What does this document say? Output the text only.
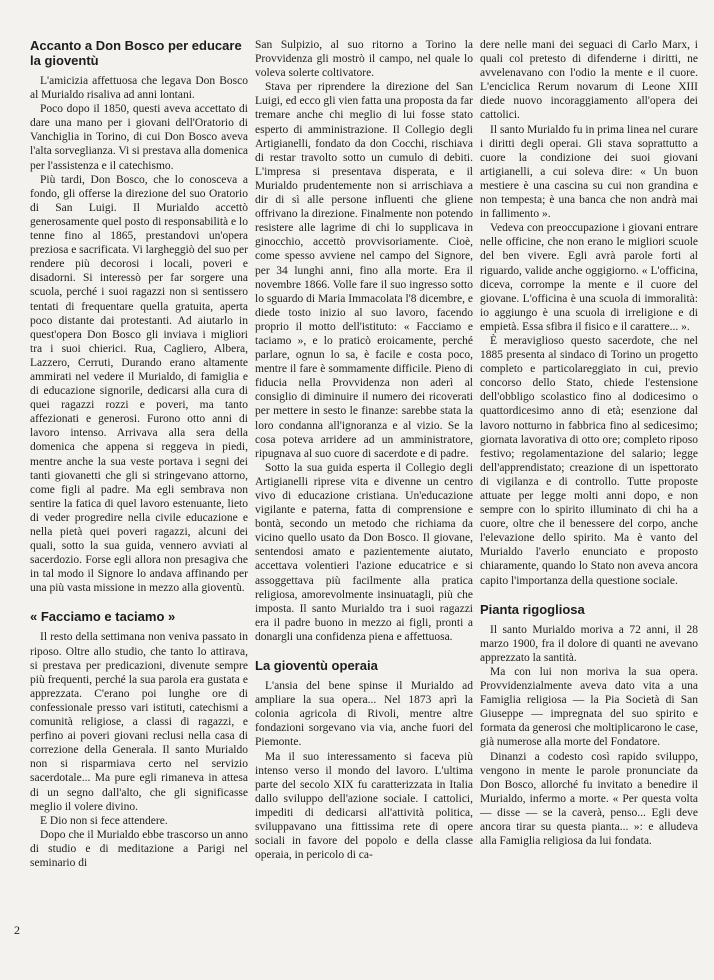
Accanto a Don Bosco per educare la gioventù

L'amicizia affettuosa che legava Don Bosco al Murialdo risaliva ad anni lontani.

Poco dopo il 1850, questi aveva accettato di dare una mano per i giovani dell'Oratorio di Vanchiglia in Torino, di cui Don Bosco aveva l'alta sorveglianza. Vi si prestava alla domenica per l'assistenza e il catechismo.

Più tardi, Don Bosco, che lo conosceva a fondo, gli offerse la direzione del suo Oratorio di San Luigi. Il Murialdo accettò generosamente quel posto di responsabilità e lo tenne fino al 1865, prestandovi un'opera preziosa e sacrificata. Vi largheggiò del suo per rendere più decorosi i locali, poveri e disadorni. Si interessò per far sorgere una scuola, perché i suoi ragazzi non si sentissero tentati di frequentare quella gratuita, aperta poco distante dai protestanti. Ad aiutarlo in quest'opera Don Bosco gli inviava i migliori tra i suoi chierici. Rua, Cagliero, Albera, Lazzero, Cerruti, Durando erano altamente ammirati nel vedere il Murialdo, di famiglia e di educazione signorile, dedicarsi alla cura di quei ragazzi rozzi e poveri, ma tanto affezionati e generosi. Furono otto anni di lavoro intenso. Arrivava alla sera della domenica che appena si reggeva in piedi, mentre anche la sua veste portava i segni dei tanti giovanetti che gli si stringevano attorno, come figli al padre. Ma egli sembrava non sentire la fatica di quel lavoro estenuante, lieto di veder progredire nella civile educazione e nella pietà quei poveri ragazzi, alcuni dei quali, sotto la sua guida, vennero avviati al sacerdozio. Forse egli allora non presagiva che in tal modo il Signore lo andava affinando per una più vasta missione in mezzo alla gioventù.

« Facciamo e taciamo »

Il resto della settimana non veniva passato in riposo. Oltre allo studio, che tanto lo attirava, si prestava per predicazioni, divenute sempre più frequenti, perché la sua parola era gustata e apprezzata. C'erano poi lunghe ore di confessionale presso vari istituti, catechismi a comunità religiose, a classi di ragazzi, e perfino ai poveri giovani reclusi nella casa di correzione della Generala. Il santo Murialdo non si risparmiava certo nel servizio sacerdotale... Ma pure egli rimaneva in attesa di un segno dall'alto, che gli significasse meglio il volere divino.

E Dio non si fece attendere.

Dopo che il Murialdo ebbe trascorso un anno di studio e di meditazione a Parigi nel seminario di

San Sulpizio, al suo ritorno a Torino la Provvidenza gli mostrò il campo, nel quale lo voleva solerte coltivatore.

Stava per riprendere la direzione del San Luigi, ed ecco gli vien fatta una proposta da far tremare anche chi meglio di lui fosse stato esperto di amministrazione. Il Collegio degli Artigianelli, fondato da don Cocchi, rischiava di restar travolto sotto un cumulo di debiti. L'impresa si presentava disperata, e il Murialdo prudentemente non si arrischiava a dir di sì alle persone influenti che gliene offrivano la direzione. Finalmente non potendo resistere alle lagrime di chi lo supplicava in ginocchio, accettò provvisoriamente. Cioè, come spesso avviene nel campo del Signore, per 34 lunghi anni, fino alla morte. Era il novembre 1866. Volle fare il suo ingresso sotto lo sguardo di Maria Immacolata l'8 dicembre, e diede tosto inizio al suo lavoro, facendo proprio il motto dell'istituto: « Facciamo e taciamo », e lo praticò eroicamente, perché parlare, ognun lo sa, è facile e costa poco, mentre il fare è sommamente difficile. Pieno di fiducia nella Provvidenza non aderì al consiglio di diminuire il numero dei ricoverati per mettere in sesto le finanze: sarebbe stata la loro condanna all'ignoranza e al vizio. Se la cosa poteva arridere ad un amministratore, ripugnava al suo cuore di sacerdote e di padre.

Sotto la sua guida esperta il Collegio degli Artigianelli riprese vita e divenne un centro vivo di educazione cristiana. Un'educazione vigilante e paterna, fatta di comprensione e bontà, secondo un metodo che richiama da vicino quello usato da Don Bosco. Il giovane, sentendosi amato e pazientemente aiutato, accettava volentieri l'azione educatrice e si assoggettava più facilmente alla pratica religiosa, amorevolmente insinuatagli, più che imposta. Il santo Murialdo tra i suoi ragazzi era il padre buono in mezzo ai figli, pronti a donargli una confidenza piena e affettuosa.

La gioventù operaia

L'ansia del bene spinse il Murialdo ad ampliare la sua opera... Nel 1873 aprì la colonia agricola di Rivoli, mentre altre fondazioni sorgevano via via, anche fuori del Piemonte.

Ma il suo interessamento si faceva più intenso verso il mondo del lavoro. L'ultima parte del secolo XIX fu caratterizzata in Italia dallo sviluppo dell'azione sociale. I cattolici, impediti di dedicarsi all'attività politica, sviluppavano una fittissima rete di opere sociali in favore del popolo e della classe operaia, in pericolo di ca-

dere nelle mani dei seguaci di Carlo Marx, i quali col pretesto di difenderne i diritti, ne avvelenavano con l'odio la mente e il cuore. L'enciclica Rerum novarum di Leone XIII diede nuovo incoraggiamento all'opera dei cattolici.

Il santo Murialdo fu in prima linea nel curare i diritti degli operai. Gli stava soprattutto a cuore la condizione dei suoi giovani artigianelli, a cui soleva dire: « Un buon mestiere è una cascina su cui non grandina e non tempesta; è una banca che non andrà mai in fallimento ».

Vedeva con preoccupazione i giovani entrare nelle officine, che non erano le migliori scuole del ben vivere. Egli avrà parole forti al riguardo, valide anche oggigiorno. « L'officina, diceva, corrompe la mente e il cuore del giovane. L'officina è una scuola di immoralità: io aggiungo è una scuola di irreligione e di empietà. Essa sfibra il fisico e il carattere... ».

È meraviglioso questo sacerdote, che nel 1885 presenta al sindaco di Torino un progetto completo e particolareggiato in cui, previo concorso dello Stato, chiede l'estensione dell'obbligo scolastico fino al dodicesimo o quattordicesimo anno di età; esenzione dal lavoro notturno in fabbrica fino al sedicesimo; giornata lavorativa di otto ore; completo riposo festivo; regolamentazione del salario; legge dell'apprendistato; creazione di un ispettorato di vigilanza e di controllo. Tutte proposte attuate per legge molti anni dopo, e non sempre con lo spirito illuminato di chi ha a cuore, oltre che il benessere del corpo, anche l'elevazione dello spirito. Ma è vanto del Murialdo l'averlo enunciato e proposto chiaramente, quando lo Stato non aveva ancora capito l'importanza della questione sociale.

Pianta rigogliosa

Il santo Murialdo moriva a 72 anni, il 28 marzo 1900, fra il dolore di quanti ne avevano apprezzato la santità.

Ma con lui non moriva la sua opera. Provvidenzialmente aveva dato vita a una Famiglia religiosa — la Pia Società di San Giuseppe — impregnata del suo spirito e formata da generosi che moltiplicarono le case, già numerose alla morte del Fondatore.

Dinanzi a codesto così rapido sviluppo, vengono in mente le parole pronunciate da Don Bosco, allorché fu invitato a benedire il Murialdo, infermo a morte. « Per questa volta — disse — se la caverà, penso... Egli deve ancora tirar su questa pianta... »: e alludeva alla Famiglia religiosa da lui fondata.

2
